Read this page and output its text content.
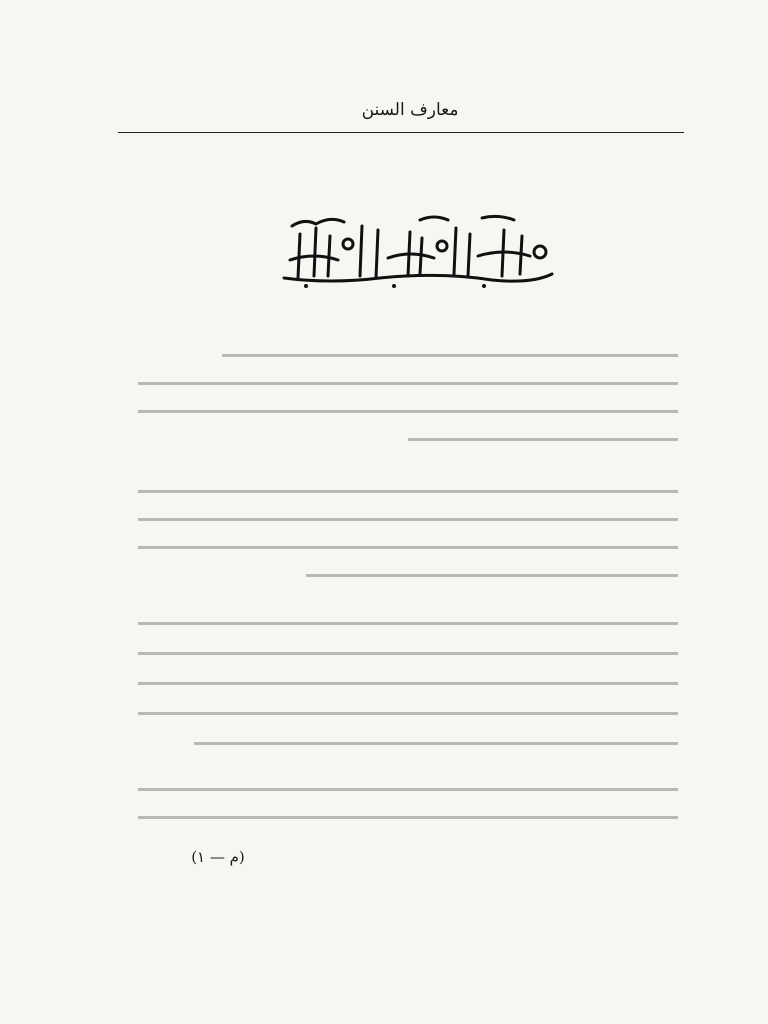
معارف السنن
(م — ١)
